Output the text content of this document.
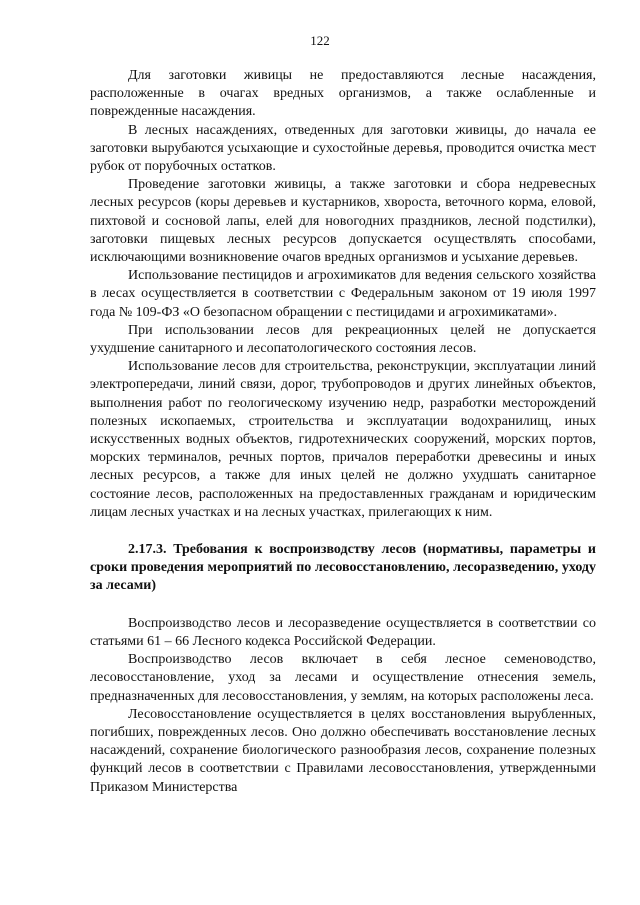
122

Для заготовки живицы не предоставляются лесные насаждения, расположенные в очагах вредных организмов, а также ослабленные и поврежденные насаждения.

В лесных насаждениях, отведенных для заготовки живицы, до начала ее заготовки вырубаются усыхающие и сухостойные деревья, проводится очистка мест рубок от порубочных остатков.

Проведение заготовки живицы, а также заготовки и сбора недревесных лесных ресурсов (коры деревьев и кустарников, хвороста, веточного корма, еловой, пихтовой и сосновой лапы, елей для новогодних праздников, лесной подстилки), заготовки пищевых лесных ресурсов допускается осуществлять способами, исключающими возникновение очагов вредных организмов и усыхание деревьев.

Использование пестицидов и агрохимикатов для ведения сельского хозяйства в лесах осуществляется в соответствии с Федеральным законом от 19 июля 1997 года № 109-ФЗ «О безопасном обращении с пестицидами и агрохимикатами».

При использовании лесов для рекреационных целей не допускается ухудшение санитарного и лесопатологического состояния лесов.

Использование лесов для строительства, реконструкции, эксплуатации линий электропередачи, линий связи, дорог, трубопроводов и других линейных объектов, выполнения работ по геологическому изучению недр, разработки месторождений полезных ископаемых, строительства и эксплуатации водохранилищ, иных искусственных водных объектов, гидротехнических сооружений, морских портов, морских терминалов, речных портов, причалов переработки древесины и иных лесных ресурсов, а также для иных целей не должно ухудшать санитарное состояние лесов, расположенных на предоставленных гражданам и юридическим лицам лесных участках и на лесных участках, прилегающих к ним.

2.17.3. Требования к воспроизводству лесов (нормативы, параметры и сроки проведения мероприятий по лесовосстановлению, лесоразведению, уходу за лесами)

Воспроизводство лесов и лесоразведение осуществляется в соответствии со статьями 61 – 66 Лесного кодекса Российской Федерации.

Воспроизводство лесов включает в себя лесное семеноводство, лесовосстановление, уход за лесами и осуществление отнесения земель, предназначенных для лесовосстановления, у землям, на которых расположены леса.

Лесовосстановление осуществляется в целях восстановления вырубленных, погибших, поврежденных лесов. Оно должно обеспечивать восстановление лесных насаждений, сохранение биологического разнообразия лесов, сохранение полезных функций лесов в соответствии с Правилами лесовосстановления, утвержденными Приказом Министерства
